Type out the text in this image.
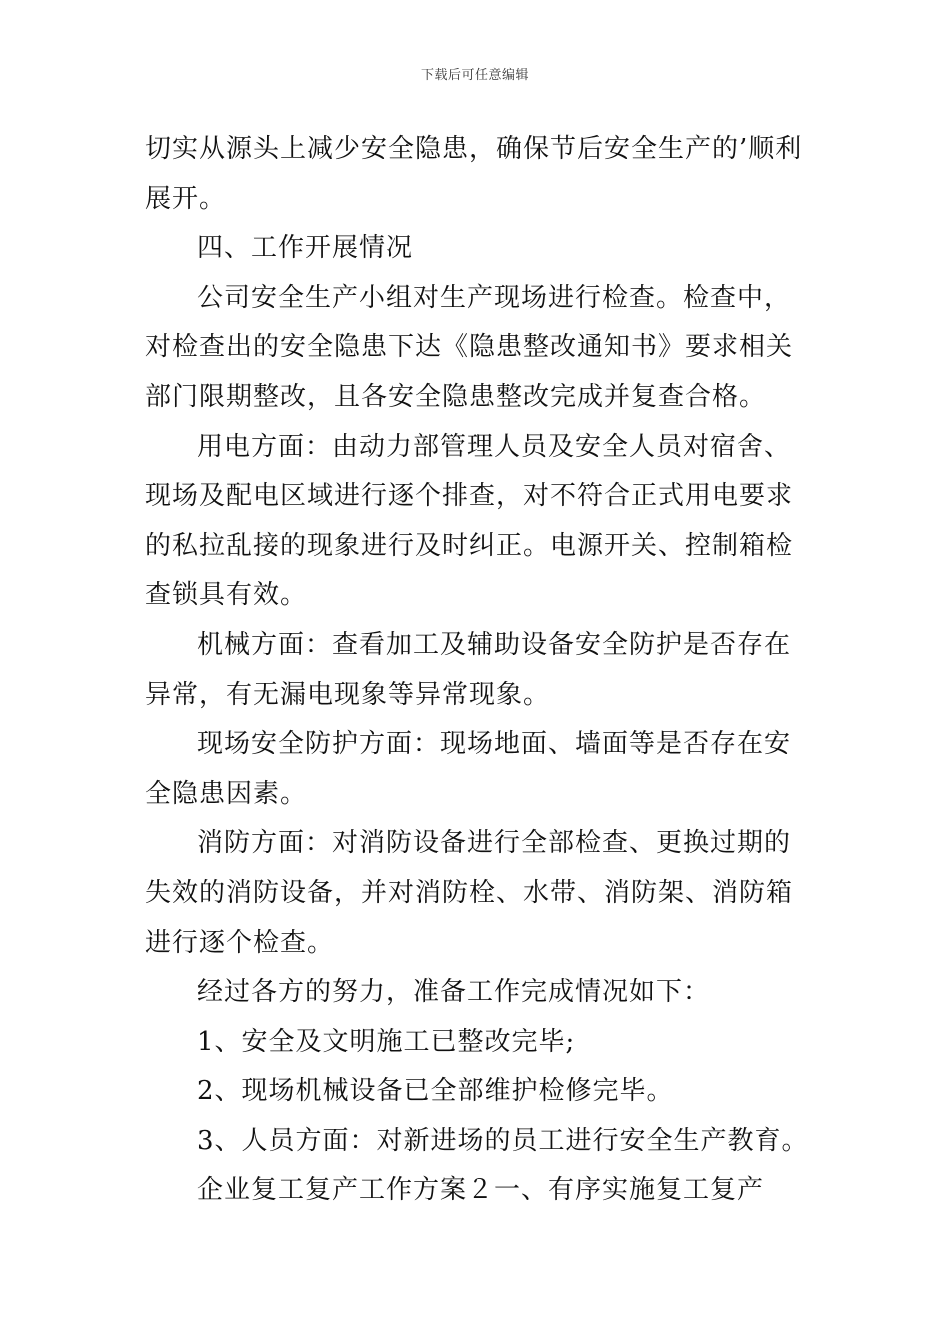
下载后可任意编辑

切实从源头上减少安全隐患，确保节后安全生产的’顺利展开。

四、工作开展情况

公司安全生产小组对生产现场进行检查。检查中，对检查出的安全隐患下达《隐患整改通知书》要求相关部门限期整改，且各安全隐患整改完成并复查合格。

用电方面：由动力部管理人员及安全人员对宿舍、现场及配电区域进行逐个排查，对不符合正式用电要求的私拉乱接的现象进行及时纠正。电源开关、控制箱检查锁具有效。

机械方面：查看加工及辅助设备安全防护是否存在异常，有无漏电现象等异常现象。

现场安全防护方面：现场地面、墙面等是否存在安全隐患因素。

消防方面：对消防设备进行全部检查、更换过期的失效的消防设备，并对消防栓、水带、消防架、消防箱进行逐个检查。

经过各方的努力，准备工作完成情况如下：

1、安全及文明施工已整改完毕;

2、现场机械设备已全部维护检修完毕。

3、人员方面：对新进场的员工进行安全生产教育。

企业复工复产工作方案２一、有序实施复工复产
